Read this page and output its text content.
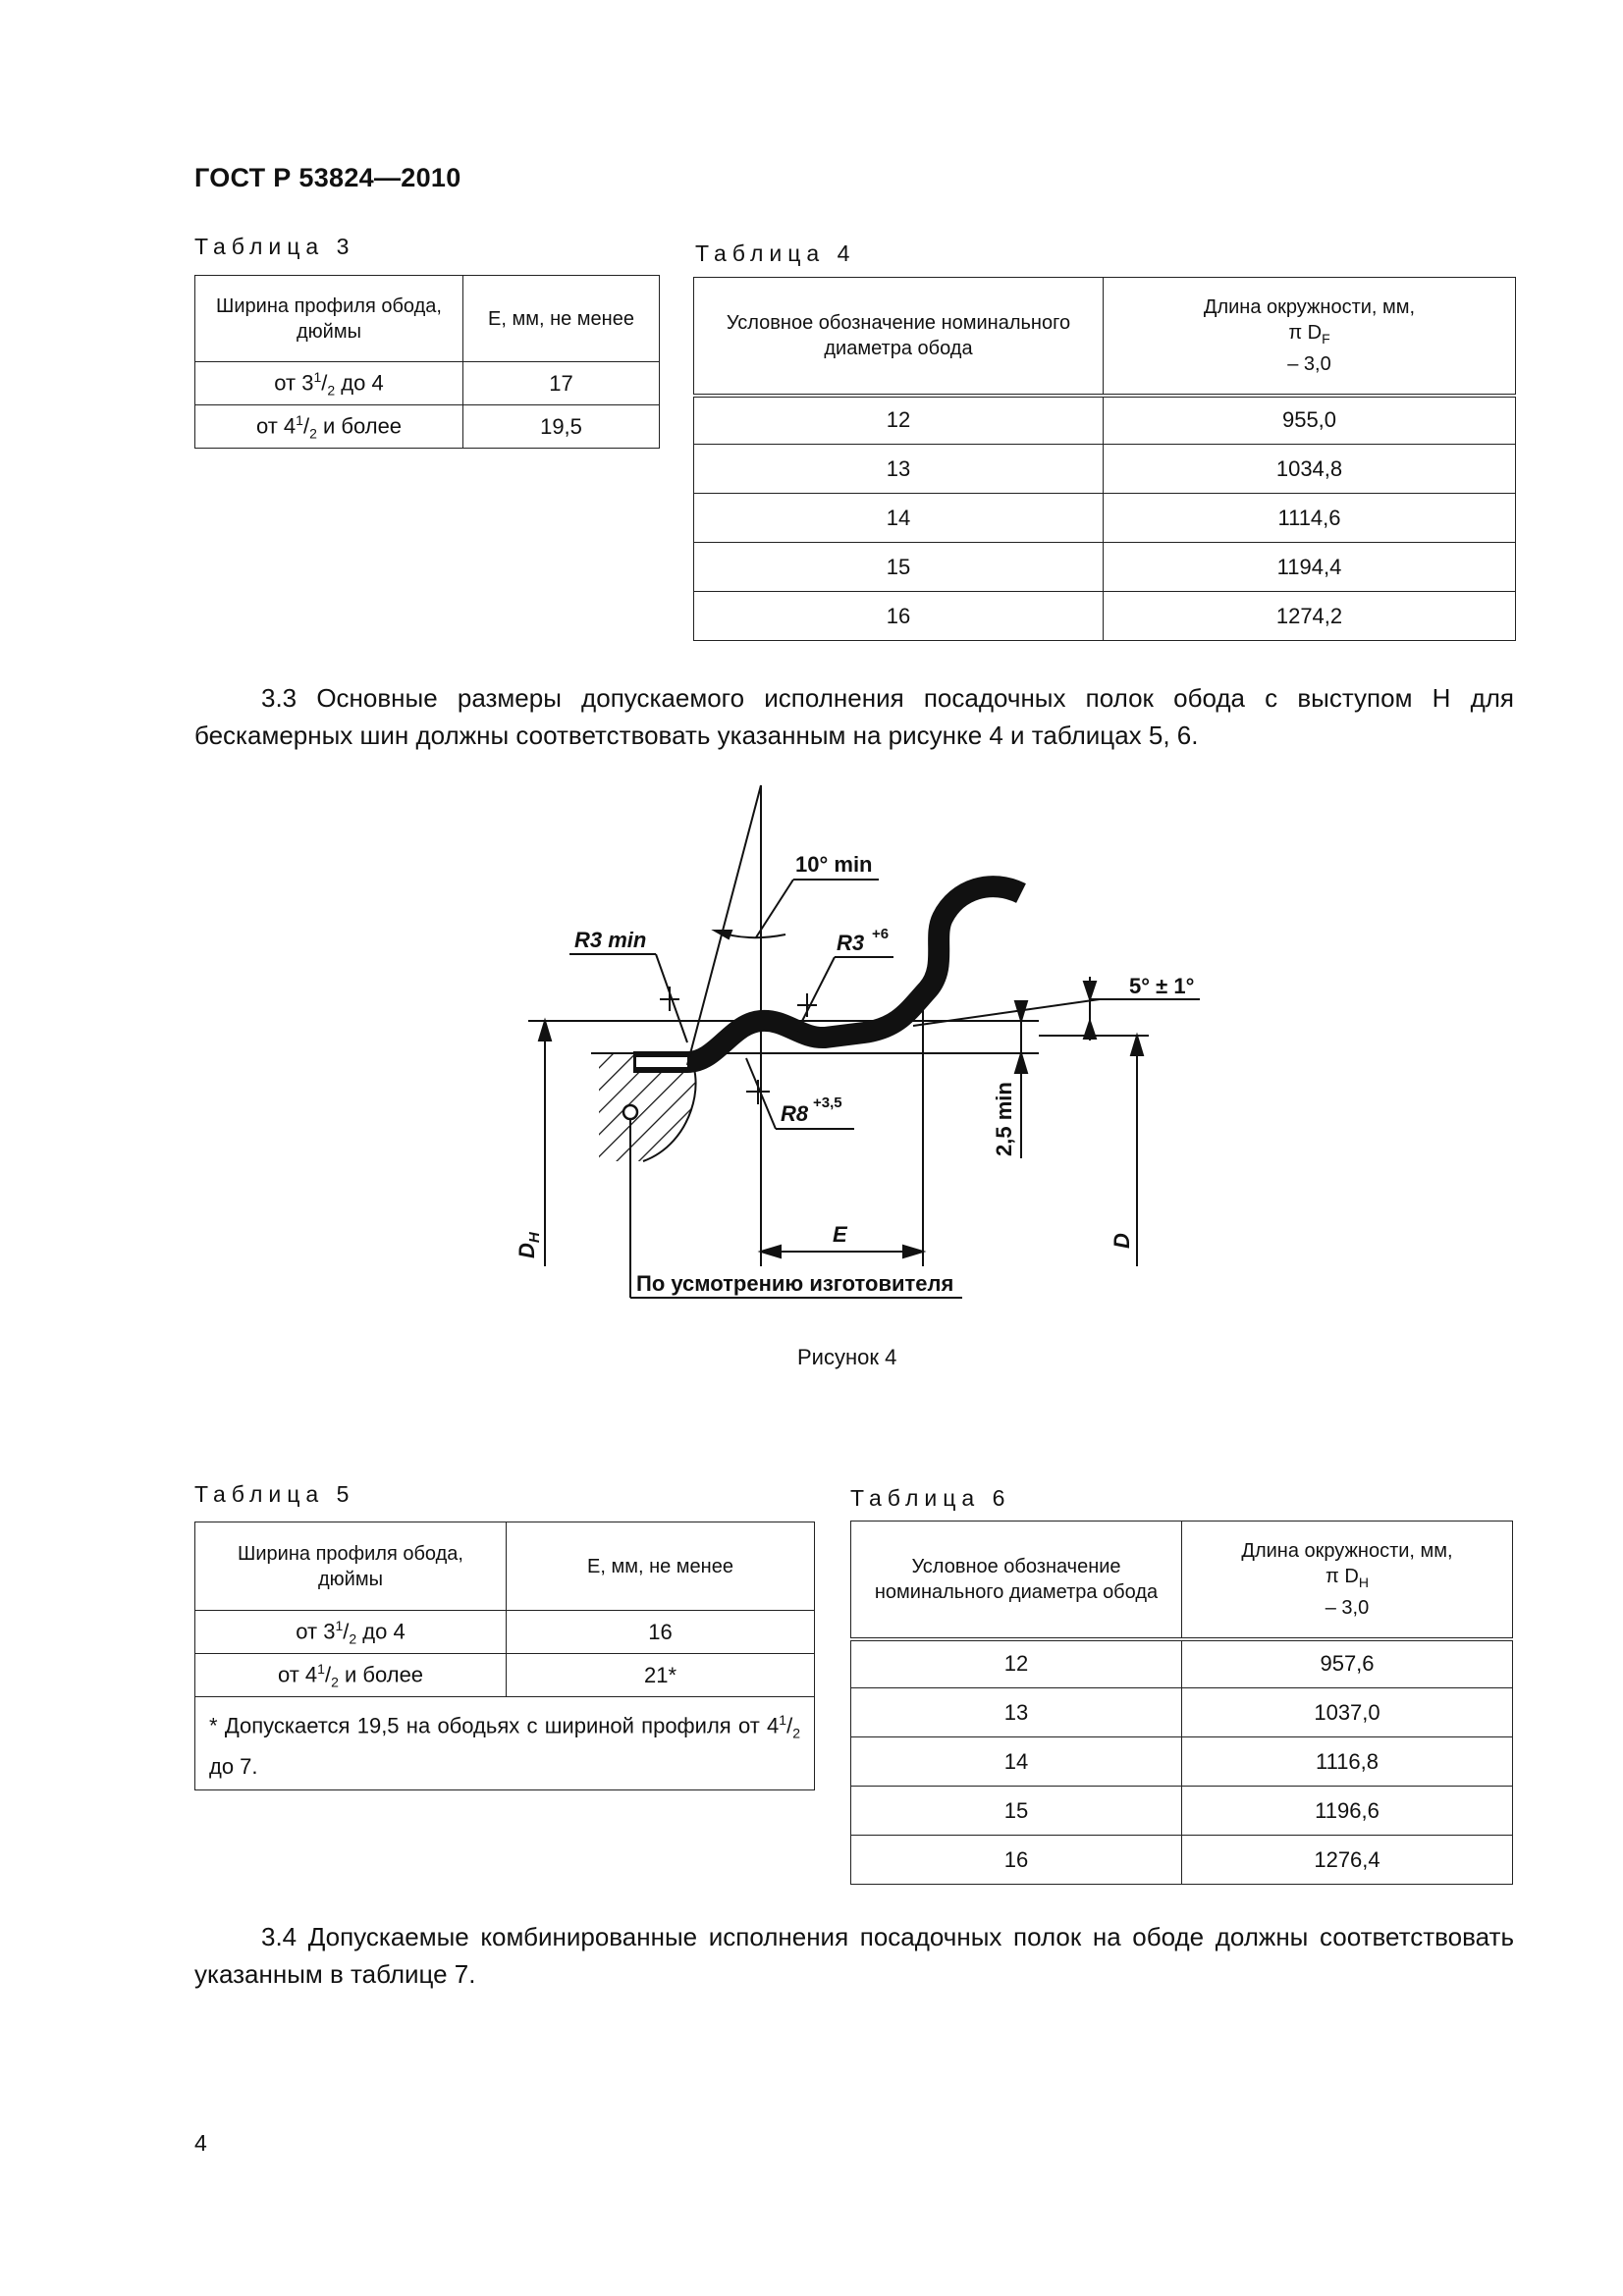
ГОСТ Р 53824—2010
Таблица 3
Ширина профиля обода, дюймы	Е, мм, не менее
от $3^1/_2$ до 4	17
от $4^1/_2$ и более	19,5
Таблица 4
Условное обозначение номинального диаметра обода	Длина окружности, мм,
π $D_F$
– 3,0

12	955,0
13	1034,8
14	1114,6
15	1194,4
16	1274,2
3.3 Основные размеры допускаемого исполнения посадочных полок обода с выступом Н для бескамерных шин должны соответствовать указанным на рисунке 4 и таблицах 5, 6.
10° min
R3 min	R3 +6
R8 +3,5
5° ± 1°
2,5 min
$D_H$	D
E
По усмотрению изготовителя
Рисунок 4
Таблица 5
Ширина профиля обода, дюймы	Е, мм, не менее
от $3^1/_2$ до 4	16
от $4^1/_2$ и более	21*
* Допускается 19,5 на ободьях с шириной профиля от $4^1/_2$ до 7.	
Таблица 6
Условное обозначение номинального диаметра обода	Длина окружности, мм,
π $D_H$
– 3,0

12	957,6
13	1037,0
14	1116,8
15	1196,6
16	1276,4
3.4 Допускаемые комбинированные исполнения посадочных полок на ободе должны соответствовать указанным в таблице 7.
4
